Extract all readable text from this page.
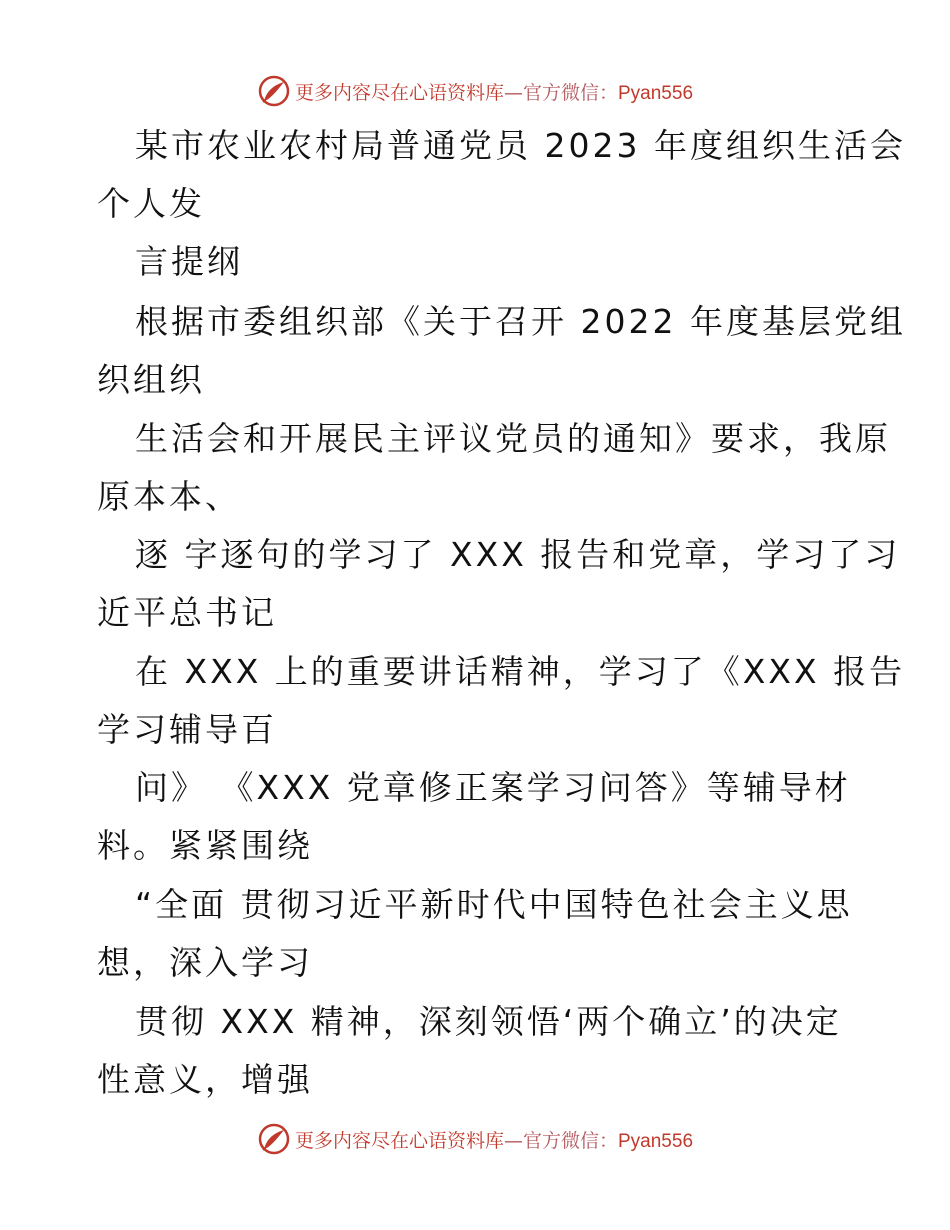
更多内容尽在心语资料库—官方微信：Pyan556
某市农业农村局普通党员 2023 年度组织生活会
个人发
言提纲
根据市委组织部《关于召开 2022 年度基层党组
织组织
生活会和开展民主评议党员的通知》要求，我原
原本本、
逐 字逐句的学习了 XXX 报告和党章，学习了习
近平总书记
在 XXX 上的重要讲话精神，学习了《XXX 报告
学习辅导百
问》 《XXX 党章修正案学习问答》等辅导材
料。紧紧围绕
“全面 贯彻习近平新时代中国特色社会主义思
想，深入学习
贯彻 XXX 精神，深刻领悟‘两个确立’的决定
性意义，增强
更多内容尽在心语资料库—官方微信：Pyan556
